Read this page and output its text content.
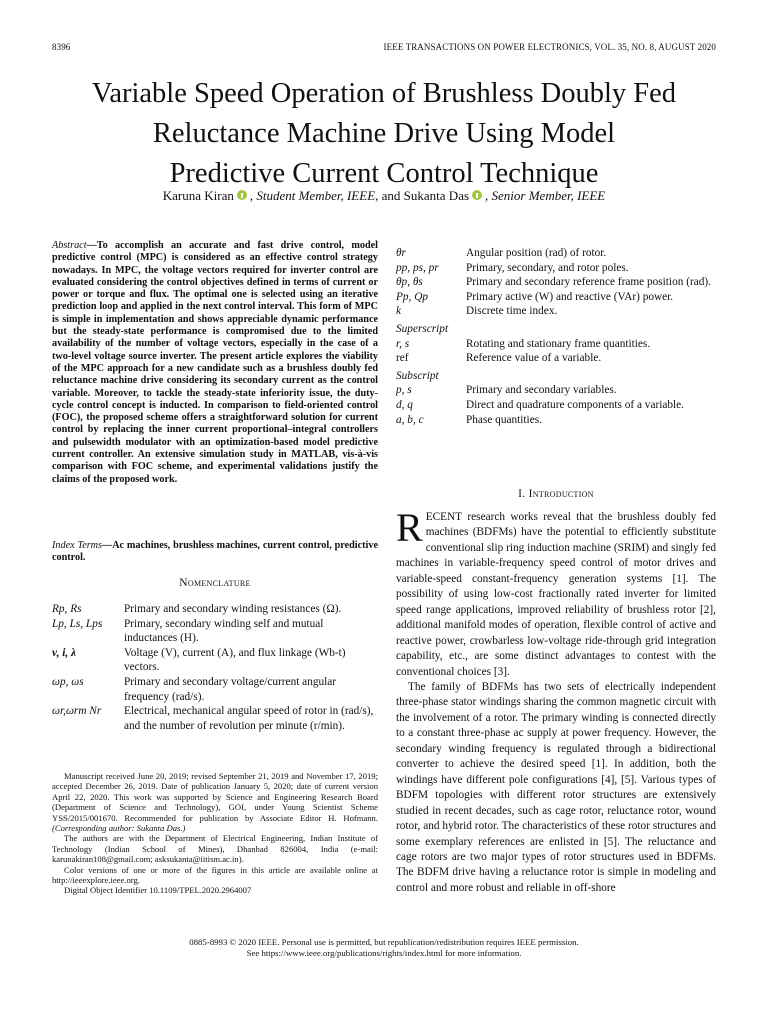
8396	IEEE TRANSACTIONS ON POWER ELECTRONICS, VOL. 35, NO. 8, AUGUST 2020
Variable Speed Operation of Brushless Doubly Fed
Reluctance Machine Drive Using Model
Predictive Current Control Technique
Karuna Kiran , Student Member, IEEE, and Sukanta Das , Senior Member, IEEE
Abstract—To accomplish an accurate and fast drive control, model predictive control (MPC) is considered as an effective control strategy nowadays. In MPC, the voltage vectors required for inverter control are evaluated considering the control objectives defined in terms of current or power or torque and flux. The optimal one is selected using an iterative prediction loop and applied in the next control interval. This form of MPC is simple in implementation and shows appreciable dynamic performance but the steady-state performance is compromised due to the limited availability of the number of voltage vectors, especially in the case of a two-level voltage source inverter. The present article explores the viability of the MPC approach for a new candidate such as a brushless doubly fed reluctance machine drive considering its secondary current as the control variable. Moreover, to tackle the steady-state inferiority issue, the duty-cycle control concept is inducted. In comparison to field-oriented control (FOC), the proposed scheme offers a straightforward solution for current control by replacing the inner current proportional–integral controllers and pulsewidth modulator with an optimization-based model predictive current controller. An extensive simulation study in MATLAB, vis-à-vis comparison with FOC scheme, and experimental validations justify the claims of the proposed work.
Index Terms—Ac machines, brushless machines, current control, predictive control.
Nomenclature
Rp, Rs	Primary and secondary winding resistances (Ω).
Lp, Ls, Lps	Primary, secondary winding self and mutual inductances (H).
v, i, λ	Voltage (V), current (A), and flux linkage (Wb-t) vectors.
ωp, ωs	Primary and secondary voltage/current angular frequency (rad/s).
ωr,ωrm Nr	Electrical, mechanical angular speed of rotor in (rad/s), and the number of revolution per minute (r/min).

Manuscript received June 20, 2019; revised September 21, 2019 and November 17, 2019; accepted December 26, 2019. Date of publication January 5, 2020; date of current version April 22, 2020. This work was supported by Science and Engineering Research Board (Department of Science and Technology), GOI, under Young Scientist Scheme YSS/2015/001670. Recommended for publication by Associate Editor H. Hofmann. (Corresponding author: Sukanta Das.)

The authors are with the Department of Electrical Engineering, Indian Institute of Technology (Indian School of Mines), Dhanbad 826004, India (e-mail: karunakiran108@gmail.com; asksukanta@iitism.ac.in).

Color versions of one or more of the figures in this article are available online at http://ieeexplore.ieee.org.

Digital Object Identifier 10.1109/TPEL.2020.2964007

θr	Angular position (rad) of rotor.
pp, ps, pr	Primary, secondary, and rotor poles.
θp, θs	Primary and secondary reference frame position (rad).
Pp, Qp	Primary active (W) and reactive (VAr) power.
k	Discrete time index.
Superscript	
r, s	Rotating and stationary frame quantities.
ref	Reference value of a variable.
Subscript	
p, s	Primary and secondary variables.
d, q	Direct and quadrature components of a variable.
a, b, c	Phase quantities.
I. Introduction

RECENT research works reveal that the brushless doubly fed machines (BDFMs) have the potential to efficiently substitute conventional slip ring induction machine (SRIM) and singly fed machines in variable-frequency speed control of motor drives and variable-speed constant-frequency generation systems [1]. The possibility of using low-cost fractionally rated inverter for limited speed range applications, improved reliability of brushless rotor [2], additional manifold modes of operation, flexible control of active and reactive power, crowbarless low-voltage ride-through grid integration capability, etc., are some distinct advantages to contest with the conventional choices [3].

The family of BDFMs has two sets of electrically independent three-phase stator windings sharing the common magnetic circuit with the involvement of a rotor. The primary winding is connected directly to a constant three-phase ac supply at power frequency. However, the secondary winding frequency is regulated through a bidirectional converter to achieve the desired speed [1]. In addition, both the windings have different pole configurations [4], [5]. Various types of BDFM topologies with different rotor structures are extensively studied in recent decades, such as cage rotor, reluctance rotor, wound rotor, and hybrid rotor. The characteristics of these rotor structures and some exemplary references are enlisted in [5]. The reluctance and cage rotors are two major types of rotor structures used in BDFMs. The BDFM drive having a reluctance rotor is simple in modeling and control and more robust and reliable in off-shore

0885-8993 © 2020 IEEE. Personal use is permitted, but republication/redistribution requires IEEE permission.
See https://www.ieee.org/publications/rights/index.html for more information.
